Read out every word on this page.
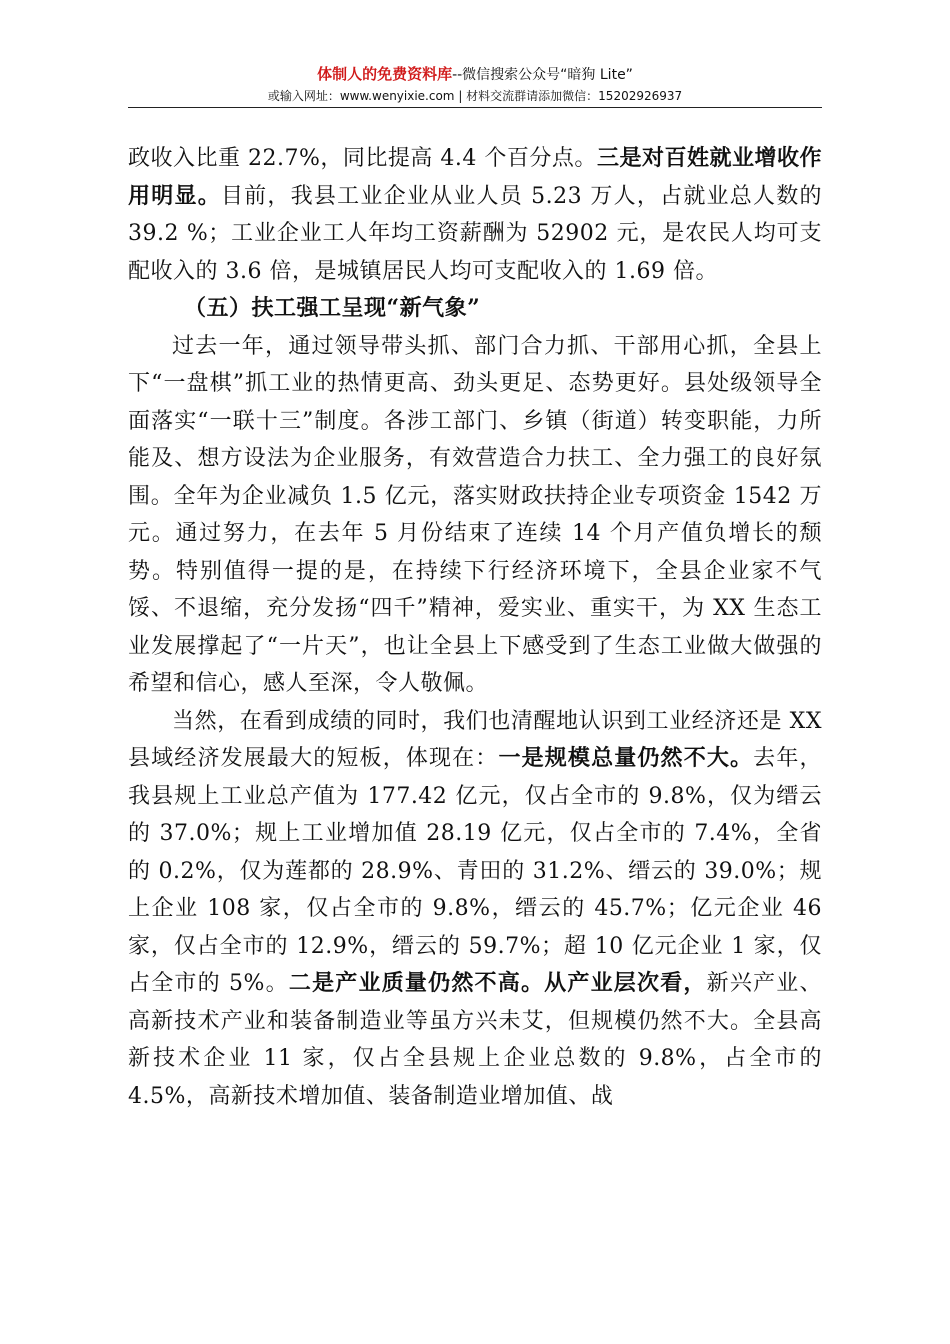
体制人的免费资料库--微信搜索公众号“暗狗 Lite”
或输入网址：www.wenyixie.com | 材料交流群请添加微信：15202926937

政收入比重 22.7%，同比提高 4.4 个百分点。三是对百姓就业增收作用明显。目前，我县工业企业从业人员 5.23 万人，占就业总人数的 39.2 %；工业企业工人年均工资薪酬为 52902 元，是农民人均可支配收入的 3.6 倍，是城镇居民人均可支配收入的 1.69 倍。

（五）扶工强工呈现“新气象”

过去一年，通过领导带头抓、部门合力抓、干部用心抓，全县上下“一盘棋”抓工业的热情更高、劲头更足、态势更好。县处级领导全面落实“一联十三”制度。各涉工部门、乡镇（街道）转变职能，力所能及、想方设法为企业服务，有效营造合力扶工、全力强工的良好氛围。全年为企业减负 1.5 亿元，落实财政扶持企业专项资金 1542 万元。通过努力，在去年 5 月份结束了连续 14 个月产值负增长的颓势。特别值得一提的是，在持续下行经济环境下，全县企业家不气馁、不退缩，充分发扬“四千”精神，爱实业、重实干，为 XX 生态工业发展撑起了“一片天”，也让全县上下感受到了生态工业做大做强的希望和信心，感人至深，令人敬佩。

当然，在看到成绩的同时，我们也清醒地认识到工业经济还是 XX 县域经济发展最大的短板，体现在：一是规模总量仍然不大。去年，我县规上工业总产值为 177.42 亿元，仅占全市的 9.8%，仅为缙云的 37.0%；规上工业增加值 28.19 亿元，仅占全市的 7.4%，全省的 0.2%，仅为莲都的 28.9%、青田的 31.2%、缙云的 39.0%；规上企业 108 家，仅占全市的 9.8%，缙云的 45.7%；亿元企业 46 家，仅占全市的 12.9%，缙云的 59.7%；超 10 亿元企业 1 家，仅占全市的 5%。二是产业质量仍然不高。从产业层次看，新兴产业、高新技术产业和装备制造业等虽方兴未艾，但规模仍然不大。全县高新技术企业 11 家，仅占全县规上企业总数的 9.8%，占全市的 4.5%，高新技术增加值、装备制造业增加值、战
